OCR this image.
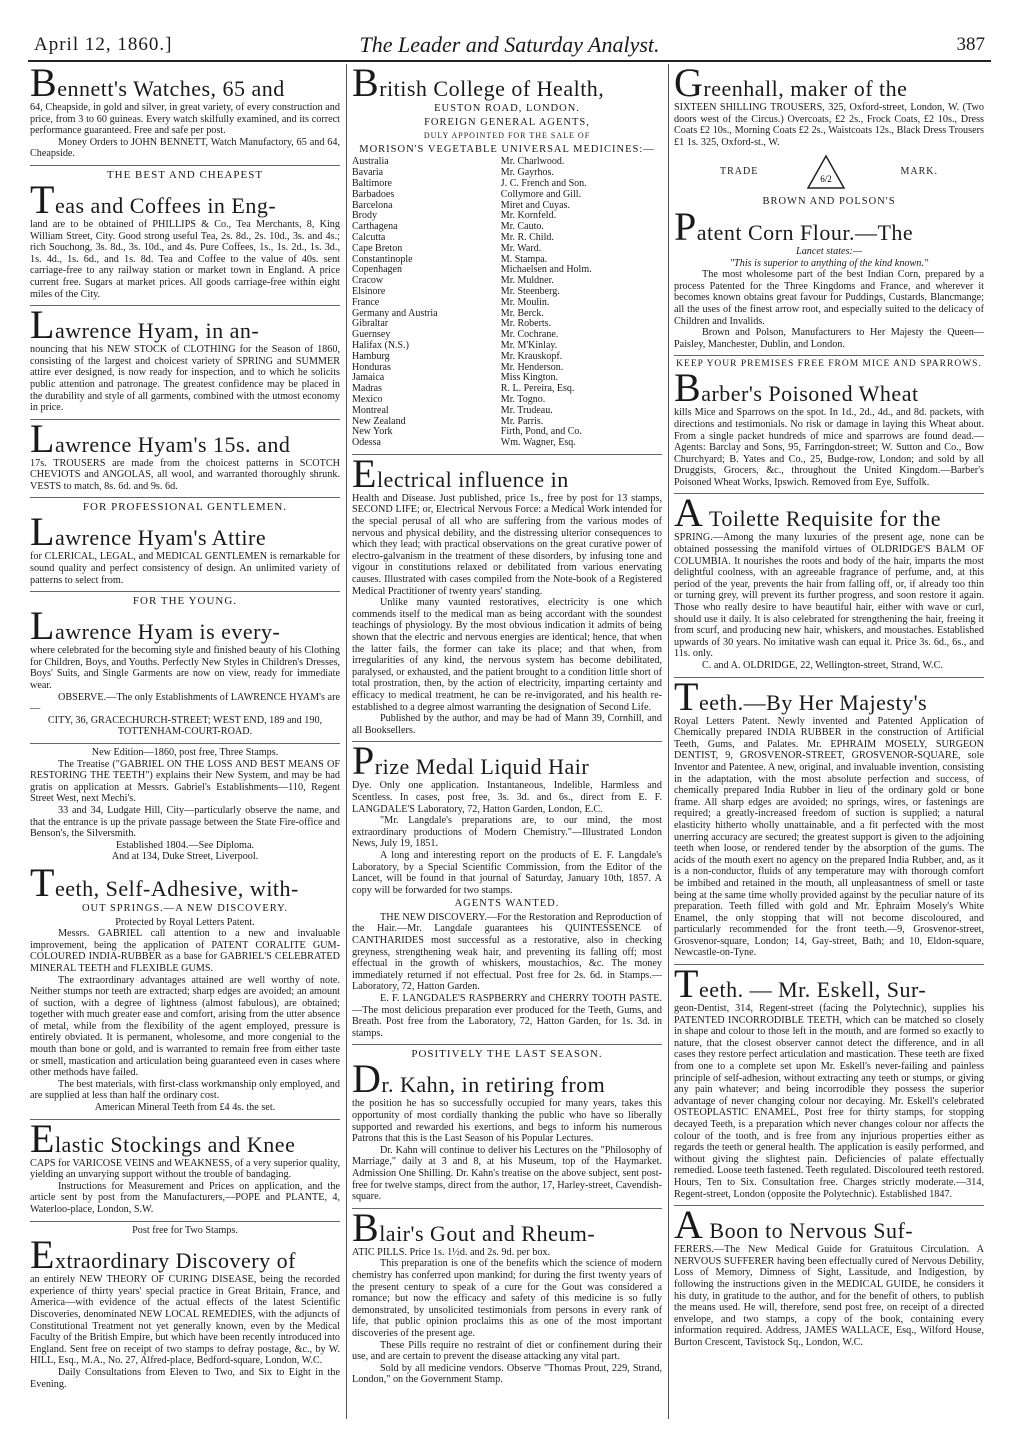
April 12, 1860.]	The Leader and Saturday Analyst.	387
Bennett's Watches, 65 and

64, Cheapside, in gold and silver, in great variety, of every construction and price, from 3 to 60 guineas. Every watch skilfully examined, and its correct performance guaranteed. Free and safe per post.

Money Orders to JOHN BENNETT, Watch Manufactory, 65 and 64, Cheapside.

THE BEST AND CHEAPEST
Teas and Coffees in Eng-

land are to be obtained of PHILLIPS & Co., Tea Merchants, 8, King William Street, City. Good strong useful Tea, 2s. 8d., 2s. 10d., 3s. and 4s.; rich Souchong, 3s. 8d., 3s. 10d., and 4s. Pure Coffees, 1s., 1s. 2d., 1s. 3d., 1s. 4d., 1s. 6d., and 1s. 8d. Tea and Coffee to the value of 40s. sent carriage-free to any railway station or market town in England. A price current free. Sugars at market prices. All goods carriage-free within eight miles of the City.

Lawrence Hyam, in an-

nouncing that his NEW STOCK of CLOTHING for the Season of 1860, consisting of the largest and choicest variety of SPRING and SUMMER attire ever designed, is now ready for inspection, and to which he solicits public attention and patronage. The greatest confidence may be placed in the durability and style of all garments, combined with the utmost economy in price.

Lawrence Hyam's 15s. and

17s. TROUSERS are made from the choicest patterns in SCOTCH CHEVIOTS and ANGOLAS, all wool, and warranted thoroughly shrunk. VESTS to match, 8s. 6d. and 9s. 6d.

FOR PROFESSIONAL GENTLEMEN.
Lawrence Hyam's Attire

for CLERICAL, LEGAL, and MEDICAL GENTLEMEN is remarkable for sound quality and perfect consistency of design. An unlimited variety of patterns to select from.

FOR THE YOUNG.
Lawrence Hyam is every-

where celebrated for the becoming style and finished beauty of his Clothing for Children, Boys, and Youths. Perfectly New Styles in Children's Dresses, Boys' Suits, and Single Garments are now on view, ready for immediate wear.

OBSERVE.—The only Establishments of LAWRENCE HYAM's are—

CITY, 36, GRACECHURCH-STREET; WEST END, 189 and 190, TOTTENHAM-COURT-ROAD.

New Edition—1860, post free, Three Stamps.

The Treatise ("GABRIEL ON THE LOSS AND BEST MEANS OF RESTORING THE TEETH") explains their New System, and may be had gratis on application at Messrs. Gabriel's Establishments—110, Regent Street West, next Mechi's.

33 and 34, Ludgate Hill, City—particularly observe the name, and that the entrance is up the private passage between the State Fire-office and Benson's, the Silversmith.

Established 1804.—See Diploma.

And at 134, Duke Street, Liverpool.

Teeth, Self-Adhesive, with-

OUT SPRINGS.—A NEW DISCOVERY.

Protected by Royal Letters Patent.

Messrs. GABRIEL call attention to a new and invaluable improvement, being the application of PATENT CORALITE GUM-COLOURED INDIA-RUBBER as a base for GABRIEL'S CELEBRATED MINERAL TEETH and FLEXIBLE GUMS.

The extraordinary advantages attained are well worthy of note. Neither stumps nor teeth are extracted; sharp edges are avoided; an amount of suction, with a degree of lightness (almost fabulous), are obtained; together with much greater ease and comfort, arising from the utter absence of metal, while from the flexibility of the agent employed, pressure is entirely obviated. It is permanent, wholesome, and more congenial to the mouth than bone or gold, and is warranted to remain free from either taste or smell, mastication and articulation being guaranteed even in cases where other methods have failed.

The best materials, with first-class workmanship only employed, and are supplied at less than half the ordinary cost.

American Mineral Teeth from £4 4s. the set.

Elastic Stockings and Knee

CAPS for VARICOSE VEINS and WEAKNESS, of a very superior quality, yielding an unvarying support without the trouble of bandaging.

Instructions for Measurement and Prices on application, and the article sent by post from the Manufacturers,—POPE and PLANTE, 4, Waterloo-place, London, S.W.

Post free for Two Stamps.

Extraordinary Discovery of

an entirely NEW THEORY OF CURING DISEASE, being the recorded experience of thirty years' special practice in Great Britain, France, and America—with evidence of the actual effects of the latest Scientific Discoveries, denominated NEW LOCAL REMEDIES, with the adjuncts of Constitutional Treatment not yet generally known, even by the Medical Faculty of the British Empire, but which have been recently introduced into England. Sent free on receipt of two stamps to defray postage, &c., by W. HILL, Esq., M.A., No. 27, Alfred-place, Bedford-square, London, W.C.

Daily Consultations from Eleven to Two, and Six to Eight in the Evening.

British College of Health,

EUSTON ROAD, LONDON.

FOREIGN GENERAL AGENTS,

DULY APPOINTED FOR THE SALE OF

MORISON'S VEGETABLE UNIVERSAL MEDICINES:—

Australia	Mr. Charlwood.
Bavaria	Mr. Gayrhos.
Baltimore	J. C. French and Son.
Barbadoes	Collymore and Gill.
Barcelona	Miret and Cuyas.
Brody	Mr. Kornfeld.
Carthagena	Mr. Cauto.
Calcutta	Mr. R. Child.
Cape Breton	Mr. Ward.
Constantinople	M. Stampa.
Copenhagen	Michaelsen and Holm.
Cracow	Mr. Muldner.
Elsinore	Mr. Steenberg.
France	Mr. Moulin.
Germany and Austria	Mr. Berck.
Gibraltar	Mr. Roberts.
Guernsey	Mr. Cochrane.
Halifax (N.S.)	Mr. M'Kinlay.
Hamburg	Mr. Krauskopf.
Honduras	Mr. Henderson.
Jamaica	Miss Kington.
Madras	R. L. Pereira, Esq.
Mexico	Mr. Togno.
Montreal	Mr. Trudeau.
New Zealand	Mr. Parris.
New York	Firth, Pond, and Co.
Odessa	Wm. Wagner, Esq.
Electrical influence in

Health and Disease. Just published, price 1s., free by post for 13 stamps, SECOND LIFE; or, Electrical Nervous Force: a Medical Work intended for the special perusal of all who are suffering from the various modes of nervous and physical debility, and the distressing ulterior consequences to which they lead; with practical observations on the great curative power of electro-galvanism in the treatment of these disorders, by infusing tone and vigour in constitutions relaxed or debilitated from various enervating causes. Illustrated with cases compiled from the Note-book of a Registered Medical Practitioner of twenty years' standing.

Unlike many vaunted restoratives, electricity is one which commends itself to the medical man as being accordant with the soundest teachings of physiology. By the most obvious indication it admits of being shown that the electric and nervous energies are identical; hence, that when the latter fails, the former can take its place; and that when, from irregularities of any kind, the nervous system has become debilitated, paralysed, or exhausted, and the patient brought to a condition little short of total prostration, then, by the action of electricity, imparting certainty and efficacy to medical treatment, he can be re-invigorated, and his health re-established to a degree almost warranting the designation of Second Life.

Published by the author, and may be had of Mann 39, Cornhill, and all Booksellers.

Prize Medal Liquid Hair

Dye. Only one application. Instantaneous, Indelible, Harmless and Scentless. In cases, post free, 3s. 3d. and 6s., direct from E. F. LANGDALE'S Laboratory, 72, Hatton Garden, London, E.C.

"Mr. Langdale's preparations are, to our mind, the most extraordinary productions of Modern Chemistry."—Illustrated London News, July 19, 1851.

A long and interesting report on the products of E. F. Langdale's Laboratory, by a Special Scientific Commission, from the Editor of the Lancet, will be found in that journal of Saturday, January 10th, 1857. A copy will be forwarded for two stamps.

AGENTS WANTED.

THE NEW DISCOVERY.—For the Restoration and Reproduction of the Hair.—Mr. Langdale guarantees his QUINTESSENCE of CANTHARIDES most successful as a restorative, also in checking greyness, strengthening weak hair, and preventing its falling off; most effectual in the growth of whiskers, moustachios, &c. The money immediately returned if not effectual. Post free for 2s. 6d. in Stamps.—Laboratory, 72, Hatton Garden.

E. F. LANGDALE'S RASPBERRY and CHERRY TOOTH PASTE.—The most delicious preparation ever produced for the Teeth, Gums, and Breath. Post free from the Laboratory, 72, Hatton Garden, for 1s. 3d. in stamps.

POSITIVELY THE LAST SEASON.
Dr. Kahn, in retiring from

the position he has so successfully occupied for many years, takes this opportunity of most cordially thanking the public who have so liberally supported and rewarded his exertions, and begs to inform his numerous Patrons that this is the Last Season of his Popular Lectures.

Dr. Kahn will continue to deliver his Lectures on the "Philosophy of Marriage," daily at 3 and 8, at his Museum, top of the Haymarket. Admission One Shilling. Dr. Kahn's treatise on the above subject, sent post-free for twelve stamps, direct from the author, 17, Harley-street, Cavendish-square.

Blair's Gout and Rheum-

ATIC PILLS. Price 1s. 1½d. and 2s. 9d. per box.

This preparation is one of the benefits which the science of modern chemistry has conferred upon mankind; for during the first twenty years of the present century to speak of a cure for the Gout was considered a romance; but now the efficacy and safety of this medicine is so fully demonstrated, by unsolicited testimonials from persons in every rank of life, that public opinion proclaims this as one of the most important discoveries of the present age.

These Pills require no restraint of diet or confinement during their use, and are certain to prevent the disease attacking any vital part.

Sold by all medicine vendors. Observe "Thomas Prout, 229, Strand, London," on the Government Stamp.

Greenhall, maker of the

SIXTEEN SHILLING TROUSERS, 325, Oxford-street, London, W. (Two doors west of the Circus.) Overcoats, £2 2s., Frock Coats, £2 10s., Dress Coats £2 10s., Morning Coats £2 2s., Waistcoats 12s., Black Dress Trousers £1 1s. 325, Oxford-st., W.

TRADE
6/2
MARK.

BROWN AND POLSON'S

Patent Corn Flour.—The

Lancet states:—

"This is superior to anything of the kind known."

The most wholesome part of the best Indian Corn, prepared by a process Patented for the Three Kingdoms and France, and wherever it becomes known obtains great favour for Puddings, Custards, Blancmange; all the uses of the finest arrow root, and especially suited to the delicacy of Children and Invalids.

Brown and Polson, Manufacturers to Her Majesty the Queen—Paisley, Manchester, Dublin, and London.

KEEP YOUR PREMISES FREE FROM MICE AND SPARROWS.
Barber's Poisoned Wheat

kills Mice and Sparrows on the spot. In 1d., 2d., 4d., and 8d. packets, with directions and testimonials. No risk or damage in laying this Wheat about. From a single packet hundreds of mice and sparrows are found dead.—Agents: Barclay and Sons, 95, Farringdon-street; W. Sutton and Co., Bow Churchyard; B. Yates and Co., 25, Budge-row, London; and sold by all Druggists, Grocers, &c., throughout the United Kingdom.—Barber's Poisoned Wheat Works, Ipswich. Removed from Eye, Suffolk.

A Toilette Requisite for the

SPRING.—Among the many luxuries of the present age, none can be obtained possessing the manifold virtues of OLDRIDGE'S BALM OF COLUMBIA. It nourishes the roots and body of the hair, imparts the most delightful coolness, with an agreeable fragrance of perfume, and, at this period of the year, prevents the hair from falling off, or, if already too thin or turning grey, will prevent its further progress, and soon restore it again. Those who really desire to have beautiful hair, either with wave or curl, should use it daily. It is also celebrated for strengthening the hair, freeing it from scurf, and producing new hair, whiskers, and moustaches. Established upwards of 30 years. No imitative wash can equal it. Price 3s. 6d., 6s., and 11s. only.

C. and A. OLDRIDGE, 22, Wellington-street, Strand, W.C.

Teeth.—By Her Majesty's

Royal Letters Patent. Newly invented and Patented Application of Chemically prepared INDIA RUBBER in the construction of Artificial Teeth, Gums, and Palates. Mr. EPHRAIM MOSELY, SURGEON DENTIST, 9, GROSVENOR-STREET, GROSVENOR-SQUARE, sole Inventor and Patentee. A new, original, and invaluable invention, consisting in the adaptation, with the most absolute perfection and success, of chemically prepared India Rubber in lieu of the ordinary gold or bone frame. All sharp edges are avoided; no springs, wires, or fastenings are required; a greatly-increased freedom of suction is supplied; a natural elasticity hitherto wholly unattainable, and a fit perfected with the most unerring accuracy are secured; the greatest support is given to the adjoining teeth when loose, or rendered tender by the absorption of the gums. The acids of the mouth exert no agency on the prepared India Rubber, and, as it is a non-conductor, fluids of any temperature may with thorough comfort be imbibed and retained in the mouth, all unpleasantness of smell or taste being at the same time wholly provided against by the peculiar nature of its preparation. Teeth filled with gold and Mr. Ephraim Mosely's White Enamel, the only stopping that will not become discoloured, and particularly recommended for the front teeth.—9, Grosvenor-street, Grosvenor-square, London; 14, Gay-street, Bath; and 10, Eldon-square, Newcastle-on-Tyne.

Teeth. — Mr. Eskell, Sur-

geon-Dentist, 314, Regent-street (facing the Polytechnic), supplies his PATENTED INCORRODIBLE TEETH, which can be matched so closely in shape and colour to those left in the mouth, and are formed so exactly to nature, that the closest observer cannot detect the difference, and in all cases they restore perfect articulation and mastication. These teeth are fixed from one to a complete set upon Mr. Eskell's never-failing and painless principle of self-adhesion, without extracting any teeth or stumps, or giving any pain whatever; and being incorrodible they possess the superior advantage of never changing colour nor decaying. Mr. Eskell's celebrated OSTEOPLASTIC ENAMEL, Post free for thirty stamps, for stopping decayed Teeth, is a preparation which never changes colour nor affects the colour of the tooth, and is free from any injurious properties either as regards the teeth or general health. The application is easily performed, and without giving the slightest pain. Deficiencies of palate effectually remedied. Loose teeth fastened. Teeth regulated. Discoloured teeth restored. Hours, Ten to Six. Consultation free. Charges strictly moderate.—314, Regent-street, London (opposite the Polytechnic). Established 1847.

A Boon to Nervous Suf-

FERERS.—The New Medical Guide for Gratuitous Circulation. A NERVOUS SUFFERER having been effectually cured of Nervous Debility, Loss of Memory, Dimness of Sight, Lassitude, and Indigestion, by following the instructions given in the MEDICAL GUIDE, he considers it his duty, in gratitude to the author, and for the benefit of others, to publish the means used. He will, therefore, send post free, on receipt of a directed envelope, and two stamps, a copy of the book, containing every information required. Address, JAMES WALLACE, Esq., Wilford House, Burton Crescent, Tavistock Sq., London, W.C.
